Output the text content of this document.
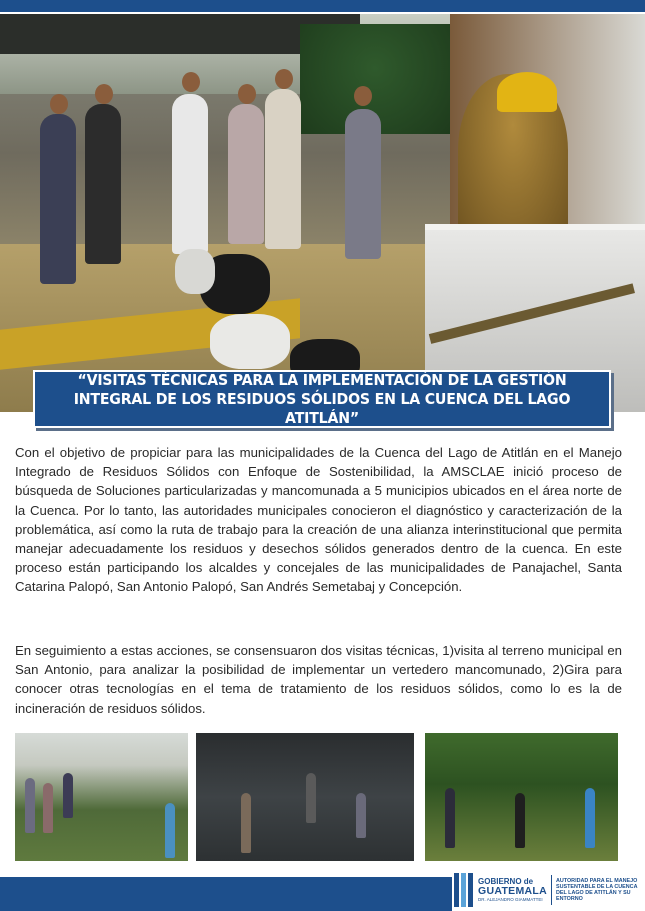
“VISITAS TÉCNICAS PARA LA IMPLEMENTACIÓN DE LA GESTIÓN INTEGRAL DE LOS RESIDUOS SÓLIDOS EN LA CUENCA DEL LAGO ATITLÁN”

Con el objetivo de propiciar para las municipalidades de la Cuenca del Lago de Atitlán en el Manejo Integrado de Residuos Sólidos con Enfoque de Sostenibilidad, la AMSCLAE inició proceso de búsqueda de Soluciones particularizadas y mancomunada a 5 municipios ubicados en el área norte de la Cuenca. Por lo tanto, las autoridades municipales conocieron el diagnóstico y caracterización de la problemática, así como la ruta de trabajo para la creación de una alianza interinstitucional que permita manejar adecuadamente los residuos y desechos sólidos generados dentro de la cuenca. En este proceso están participando los alcaldes y concejales de las municipalidades de Panajachel, Santa Catarina Palopó, San Antonio Palopó, San Andrés Semetabaj y Concepción.

En seguimiento a estas acciones, se consensuaron dos visitas técnicas, 1)visita al terreno municipal en San Antonio, para analizar la posibilidad de implementar un vertedero mancomunado, 2)Gira para conocer otras tecnologías en el tema de tratamiento de los residuos sólidos, como lo es la de incineración de residuos sólidos.

GOBIERNO de
GUATEMALA
DR. ALEJANDRO GIAMMATTEI
AUTORIDAD PARA EL MANEJO SUSTENTABLE DE LA CUENCA DEL LAGO DE ATITLÁN Y SU ENTORNO
